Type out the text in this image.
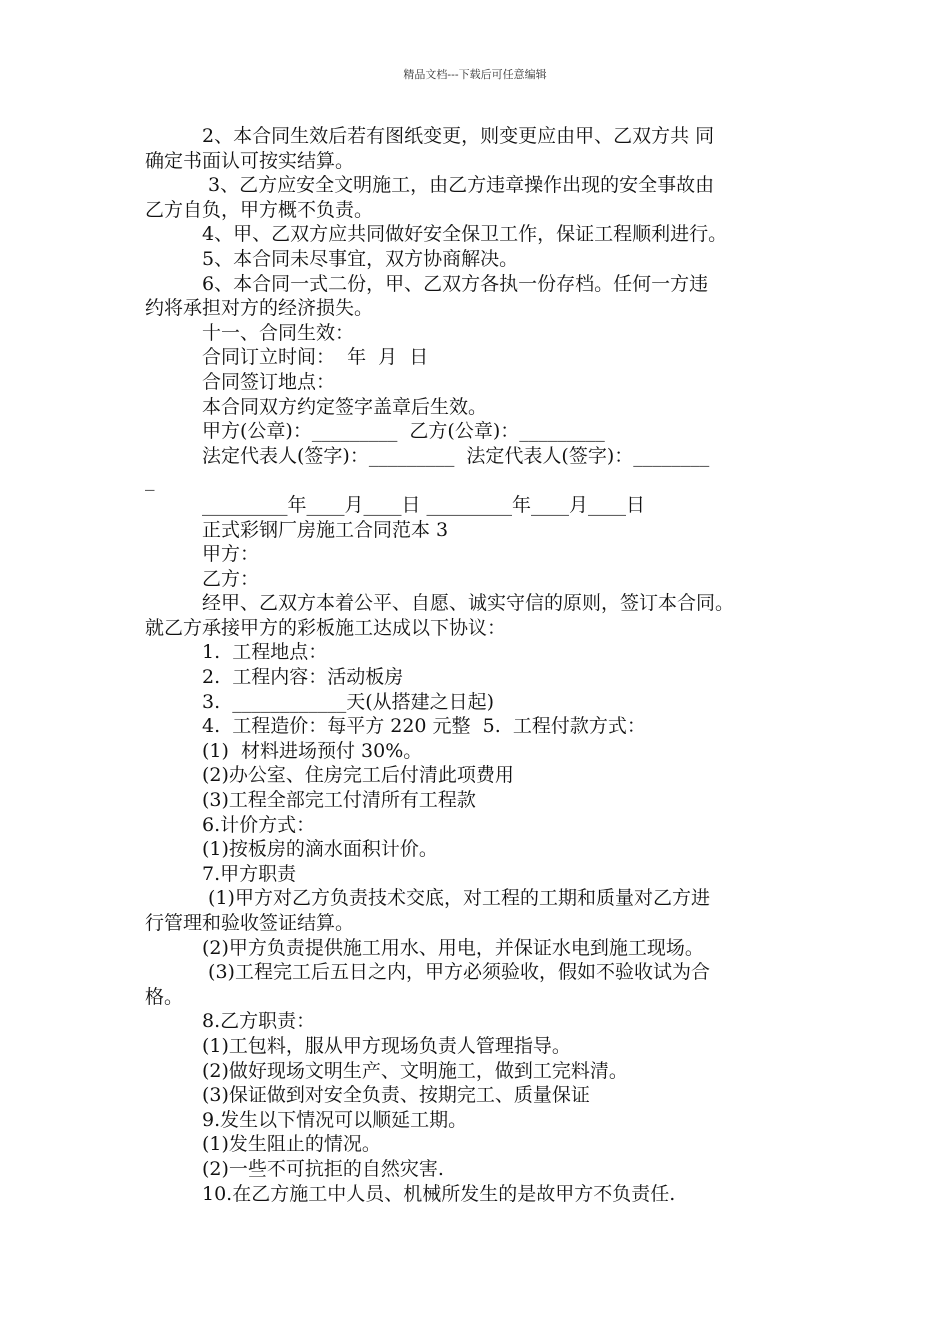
精品文档---下载后可任意编辑

2、本合同生效后若有图纸变更，则变更应由甲、乙双方共 同

确定书面认可按实结算。

3、乙方应安全文明施工，由乙方违章操作出现的安全事故由

乙方自负，甲方概不负责。

4、甲、乙双方应共同做好安全保卫工作，保证工程顺利进行。

5、本合同未尽事宜，双方协商解决。

6、本合同一式二份，甲、乙双方各执一份存档。任何一方违

约将承担对方的经济损失。

十一、合同生效：

合同订立时间：  年  月  日

合同签订地点：

本合同双方约定签字盖章后生效。

甲方(公章)：_________  乙方(公章)：_________

法定代表人(签字)：_________  法定代表人(签字)：________

_

_________年____月____日 _________年____月____日

正式彩钢厂房施工合同范本 3

甲方：

乙方：

经甲、乙双方本着公平、自愿、诚实守信的原则，签订本合同。

就乙方承接甲方的彩板施工达成以下协议：

1.  工程地点：

2.  工程内容：活动板房

3.  ____________天(从搭建之日起)

4.  工程造价：每平方 220 元整  5.  工程付款方式：

(1)  材料进场预付 30%。

(2)办公室、住房完工后付清此项费用

(3)工程全部完工付清所有工程款

6.计价方式：

(1)按板房的滴水面积计价。

7.甲方职责

(1)甲方对乙方负责技术交底，对工程的工期和质量对乙方进

行管理和验收签证结算。

(2)甲方负责提供施工用水、用电，并保证水电到施工现场。

(3)工程完工后五日之内，甲方必须验收，假如不验收试为合

格。

8.乙方职责：

(1)工包料，服从甲方现场负责人管理指导。

(2)做好现场文明生产、文明施工，做到工完料清。

(3)保证做到对安全负责、按期完工、质量保证

9.发生以下情况可以顺延工期。

(1)发生阻止的情况。

(2)一些不可抗拒的自然灾害.

10.在乙方施工中人员、机械所发生的是故甲方不负责任.
